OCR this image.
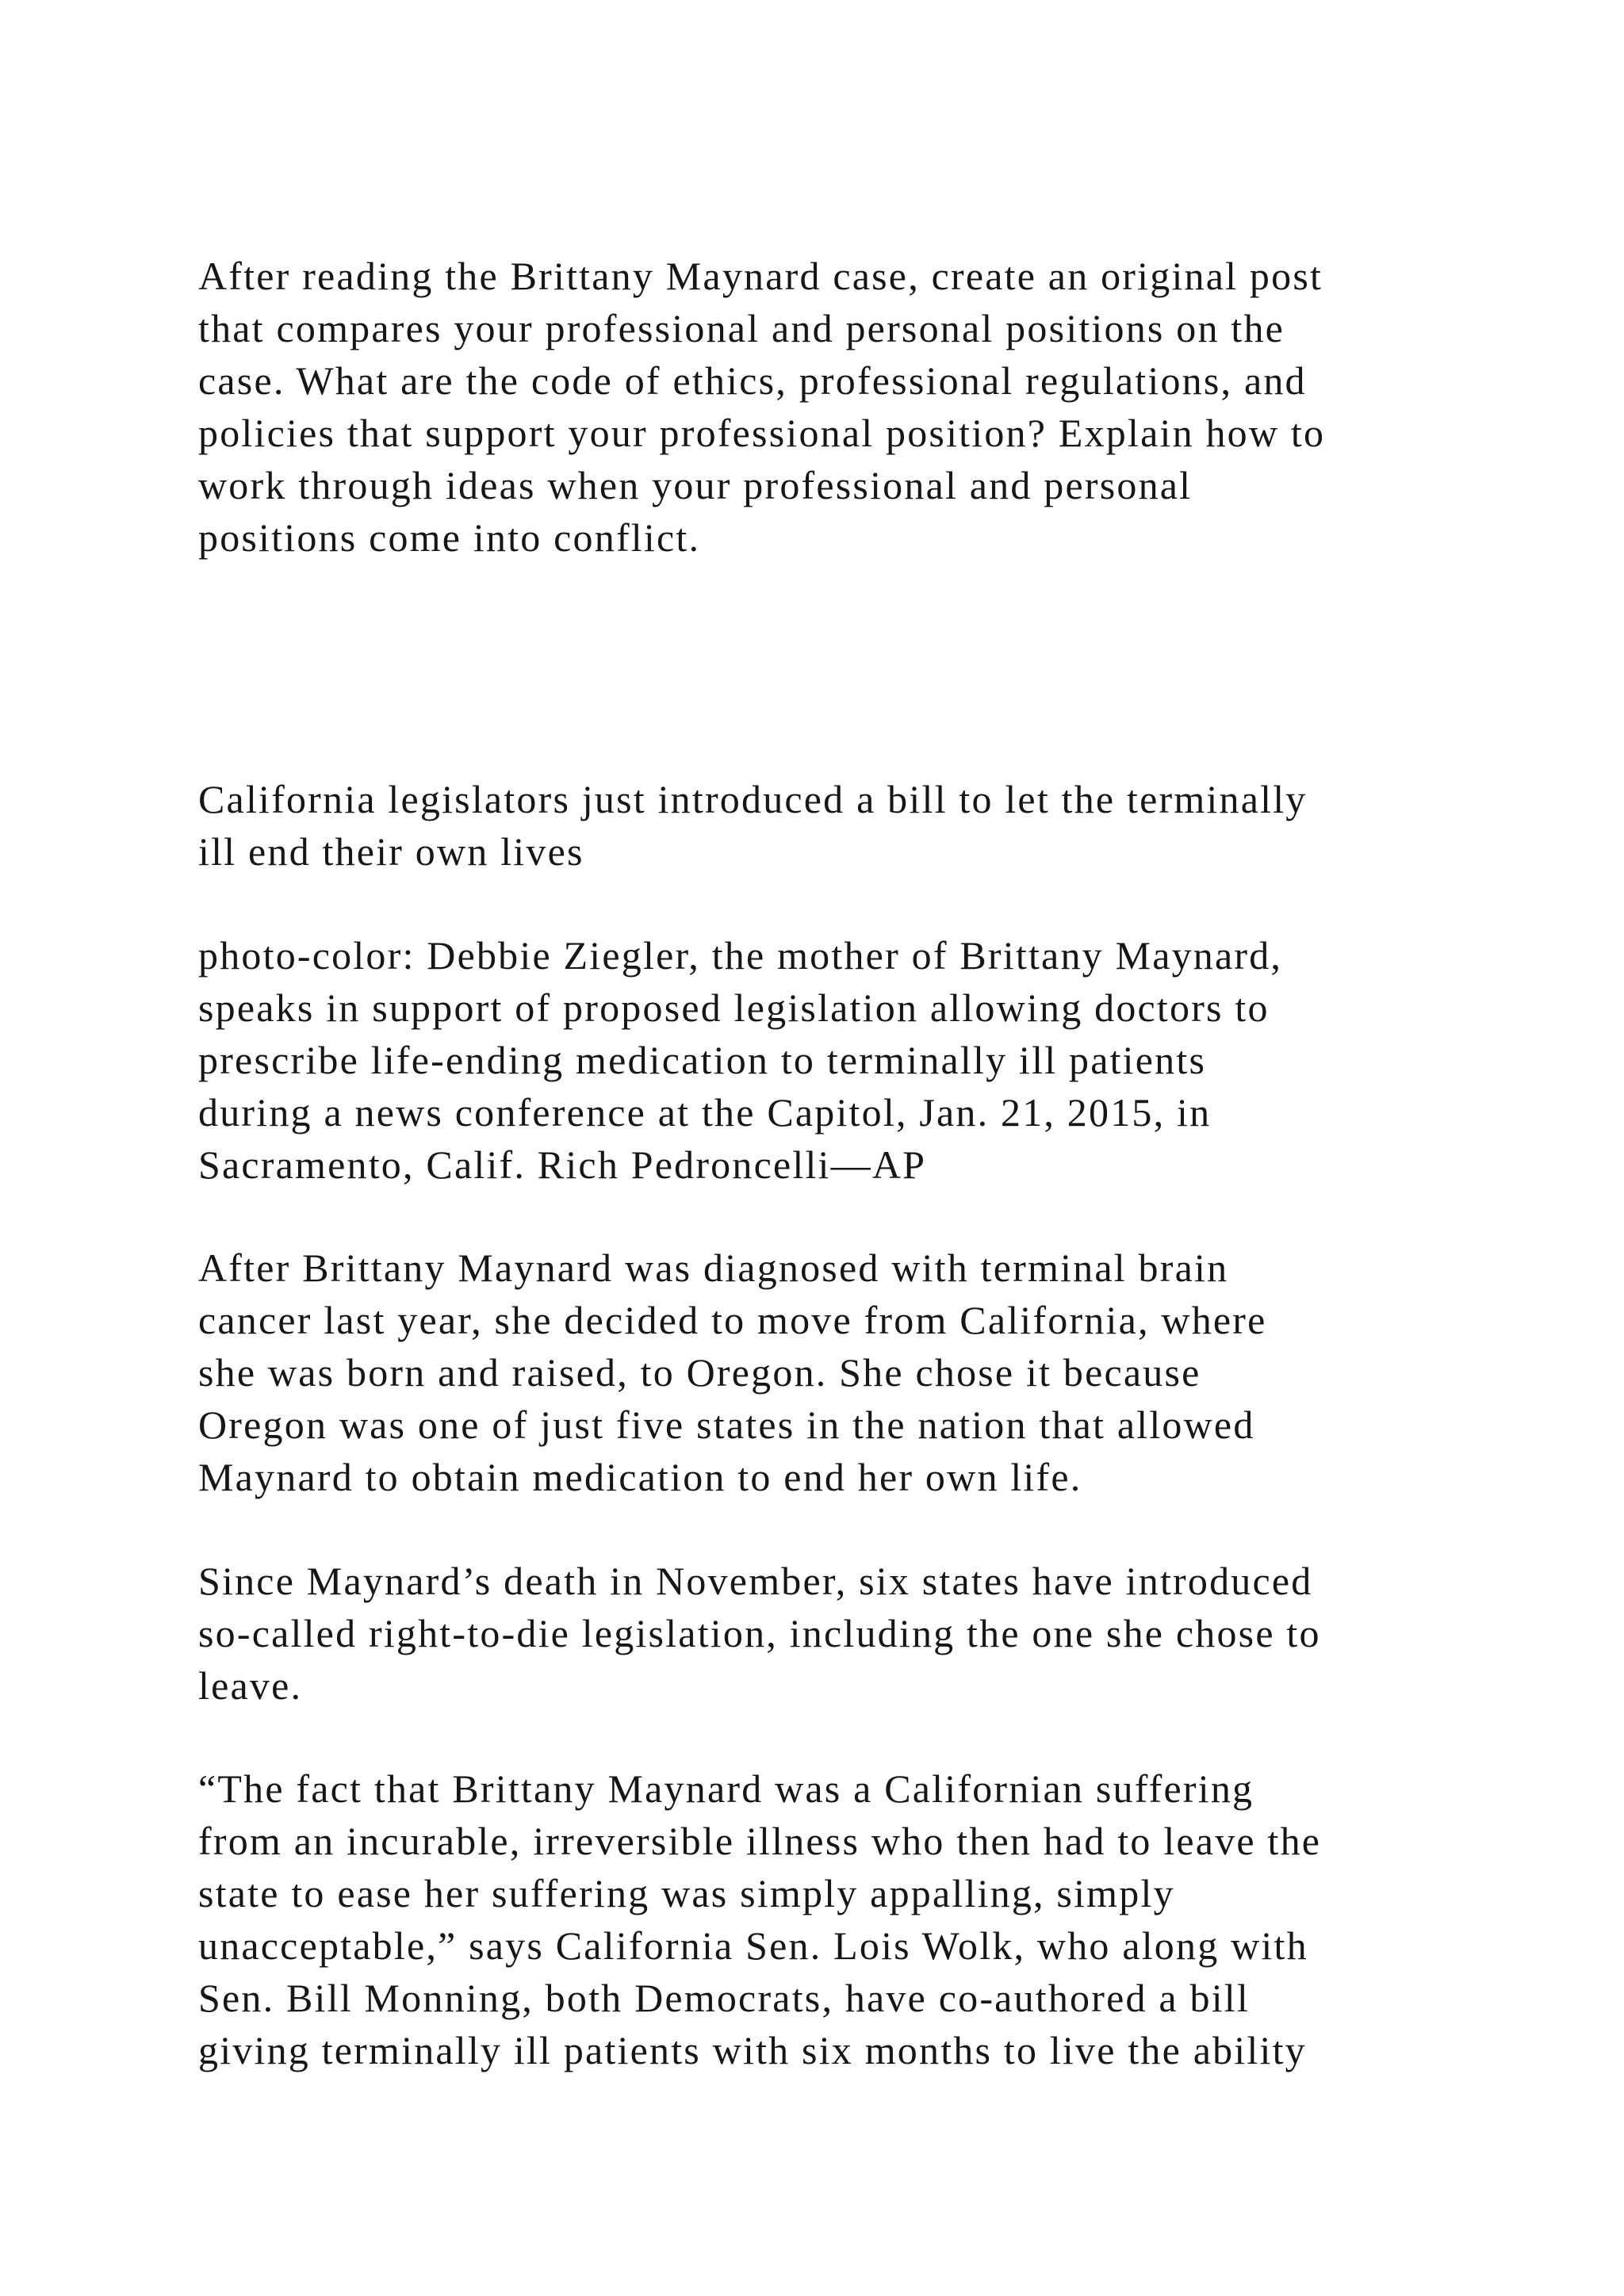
After reading the Brittany Maynard case, create an original post
that compares your professional and personal positions on the
case. What are the code of ethics, professional regulations, and
policies that support your professional position? Explain how to
work through ideas when your professional and personal
positions come into conflict.

California legislators just introduced a bill to let the terminally
ill end their own lives

photo-color: Debbie Ziegler, the mother of Brittany Maynard,
speaks in support of proposed legislation allowing doctors to
prescribe life-ending medication to terminally ill patients
during a news conference at the Capitol, Jan. 21, 2015, in
Sacramento, Calif. Rich Pedroncelli—AP

After Brittany Maynard was diagnosed with terminal brain
cancer last year, she decided to move from California, where
she was born and raised, to Oregon. She chose it because
Oregon was one of just five states in the nation that allowed
Maynard to obtain medication to end her own life.

Since Maynard’s death in November, six states have introduced
so-called right-to-die legislation, including the one she chose to
leave.

“The fact that Brittany Maynard was a Californian suffering
from an incurable, irreversible illness who then had to leave the
state to ease her suffering was simply appalling, simply
unacceptable,” says California Sen. Lois Wolk, who along with
Sen. Bill Monning, both Democrats, have co-authored a bill
giving terminally ill patients with six months to live the ability
